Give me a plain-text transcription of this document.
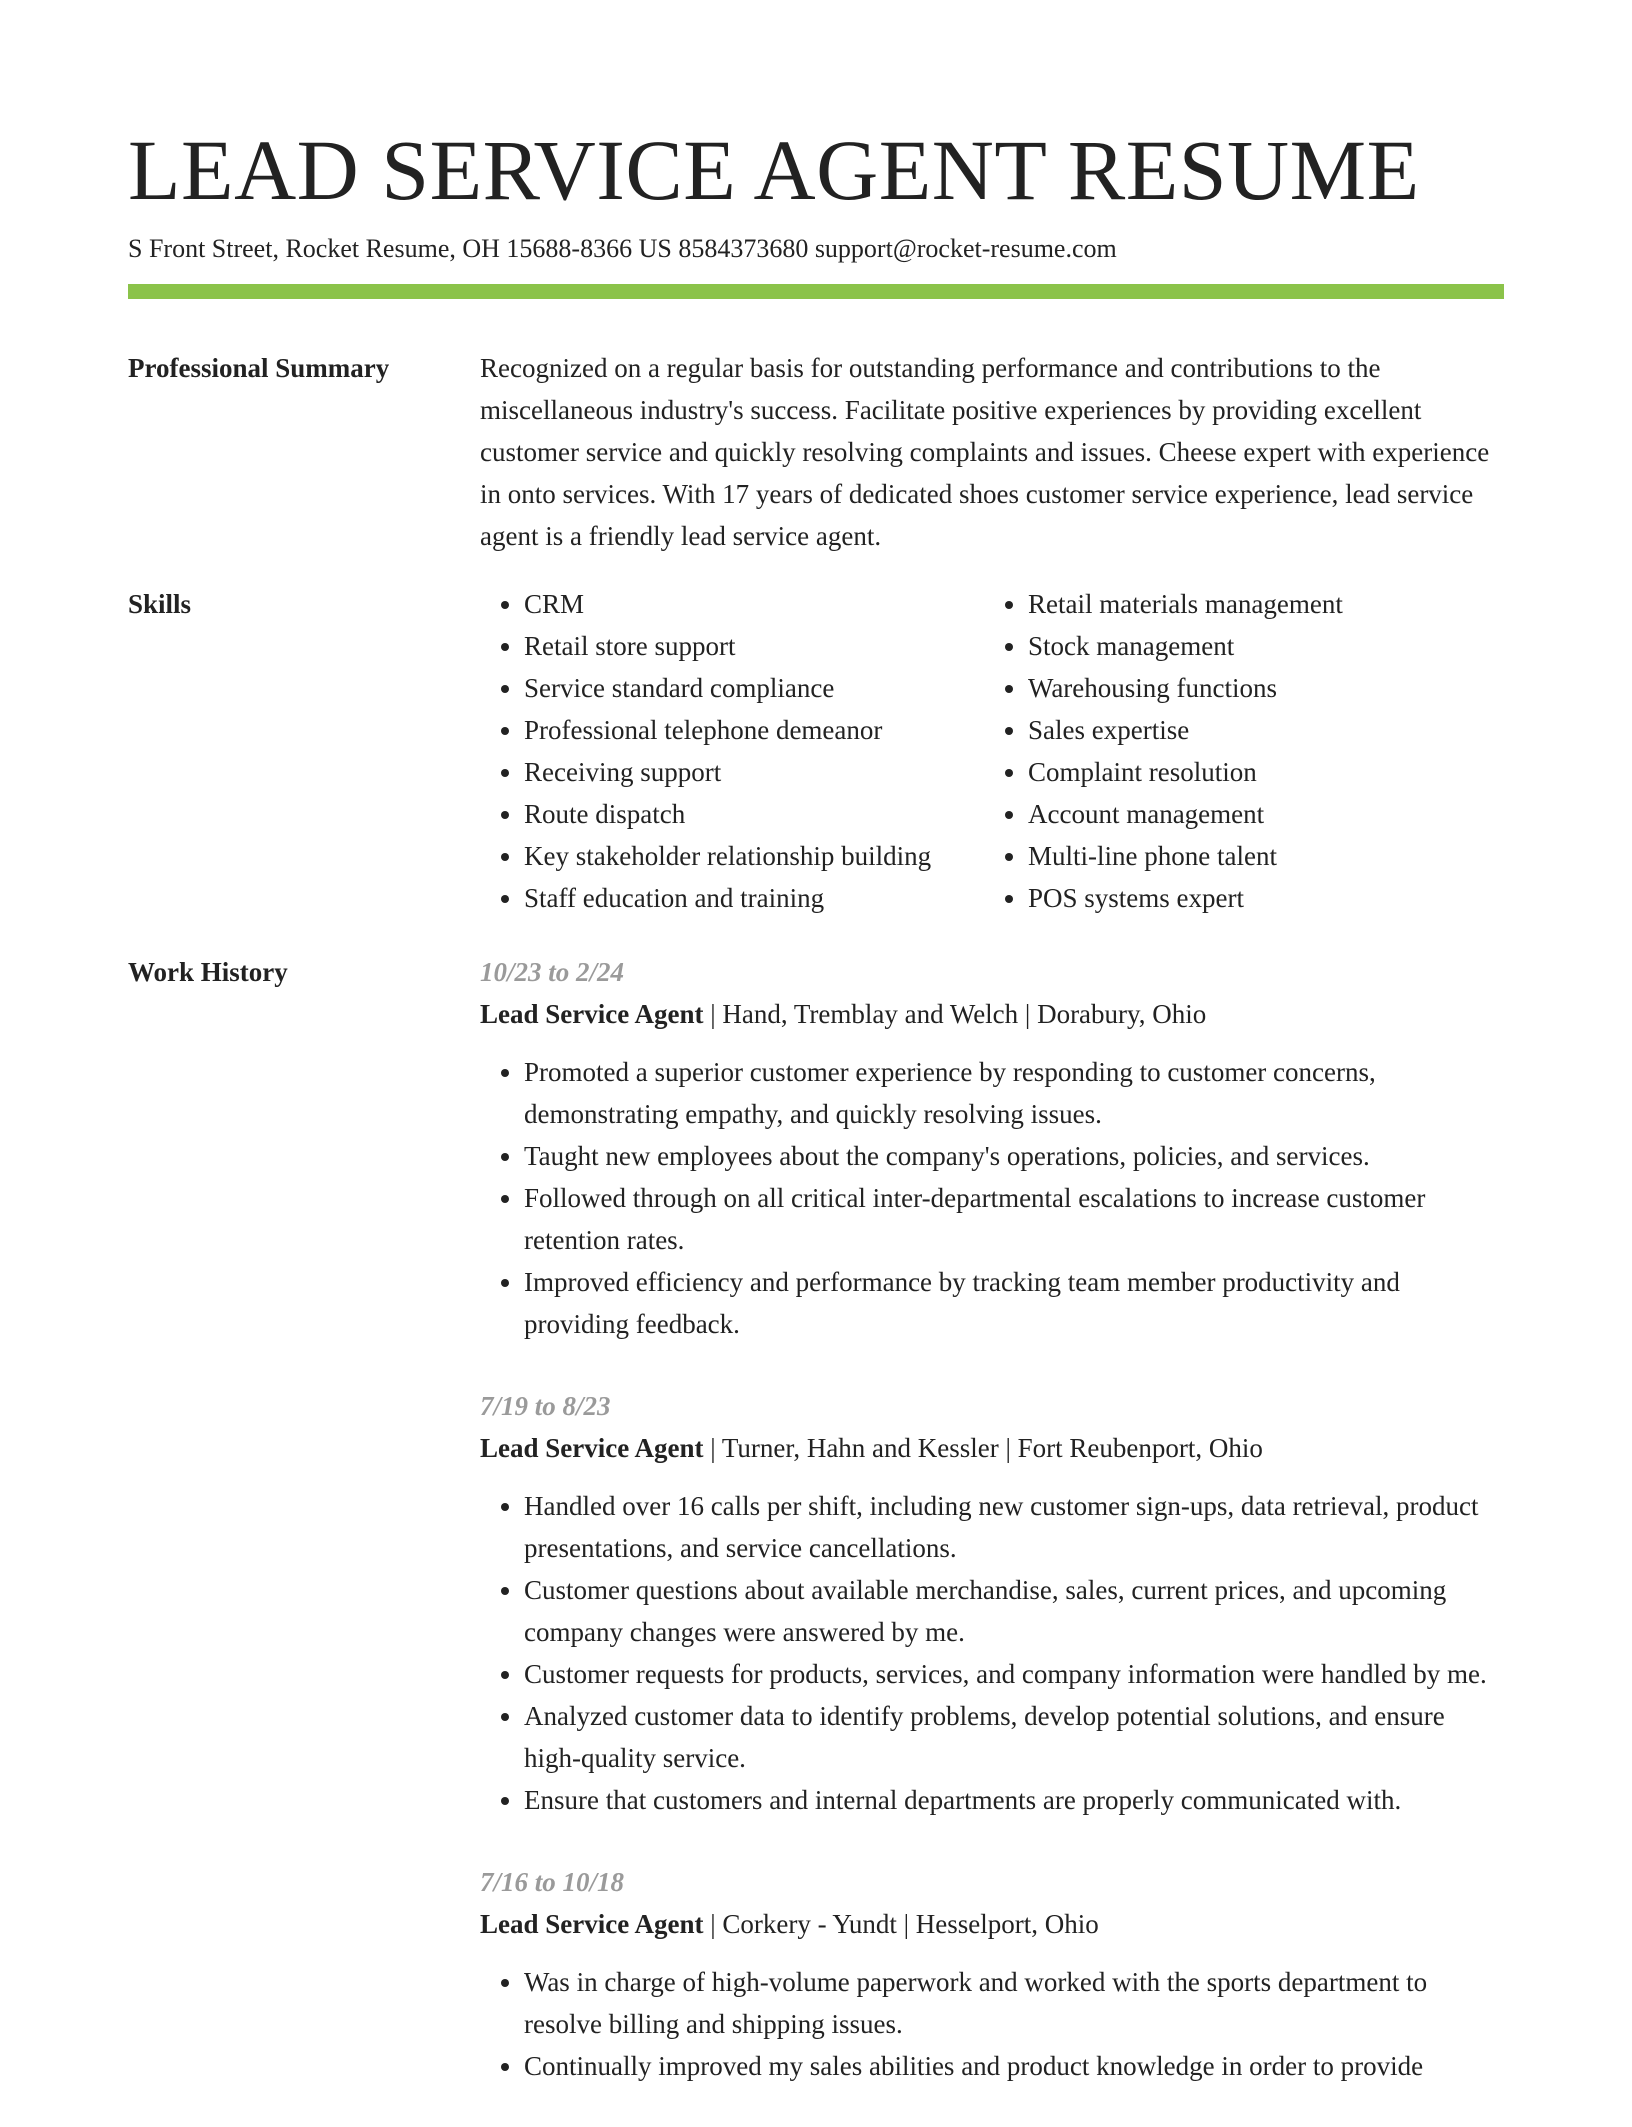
LEAD SERVICE AGENT RESUME
S Front Street, Rocket Resume, OH 15688-8366 US 8584373680 support@rocket-resume.com
Professional Summary	Recognized on a regular basis for outstanding performance and contributions to the miscellaneous industry's success. Facilitate positive experiences by providing excellent customer service and quickly resolving complaints and issues. Cheese expert with experience in onto services. With 17 years of dedicated shoes customer service experience, lead service agent is a friendly lead service agent.

Skills
•	CRM
• Retail store support
• Service standard compliance
• Professional telephone demeanor
• Receiving support
• Route dispatch
• Key stakeholder relationship building
• Staff education and training
• Retail materials management
• Stock management
• Warehousing functions
• Sales expertise
• Complaint resolution
• Account management
• Multi-line phone talent
• POS systems expert
Work History	10/23 to 2/24
Lead Service Agent | Hand, Tremblay and Welch | Dorabury, Ohio
• Promoted a superior customer experience by responding to customer concerns, demonstrating empathy, and quickly resolving issues.
• Taught new employees about the company's operations, policies, and services.
• Followed through on all critical inter-departmental escalations to increase customer retention rates.
• Improved efficiency and performance by tracking team member productivity and providing feedback.
7/19 to 8/23
Lead Service Agent | Turner, Hahn and Kessler | Fort Reubenport, Ohio
• Handled over 16 calls per shift, including new customer sign-ups, data retrieval, product presentations, and service cancellations.
• Customer questions about available merchandise, sales, current prices, and upcoming company changes were answered by me.
• Customer requests for products, services, and company information were handled by me.
• Analyzed customer data to identify problems, develop potential solutions, and ensure high-quality service.
• Ensure that customers and internal departments are properly communicated with.
7/16 to 10/18
Lead Service Agent | Corkery - Yundt | Hesselport, Ohio
• Was in charge of high-volume paperwork and worked with the sports department to resolve billing and shipping issues.
• Continually improved my sales abilities and product knowledge in order to provide
